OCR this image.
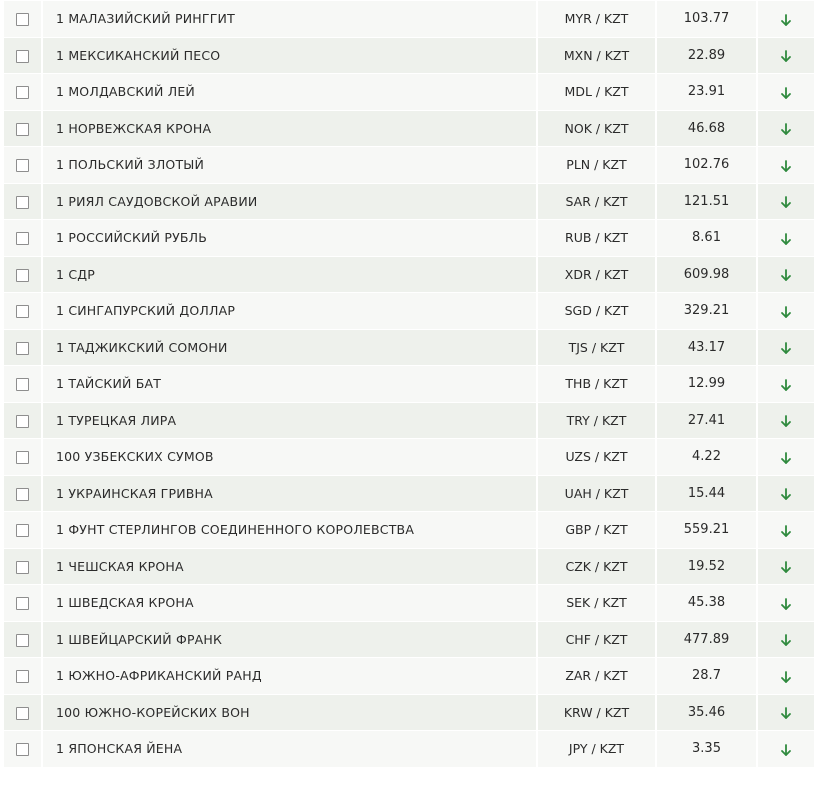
	1 МАЛАЗИЙСКИЙ РИНГГИТ	MYR / KZT	103.77	
	1 МЕКСИКАНСКИЙ ПЕСО	MXN / KZT	22.89	
	1 МОЛДАВСКИЙ ЛЕЙ	MDL / KZT	23.91	
	1 НОРВЕЖСКАЯ КРОНА	NOK / KZT	46.68	
	1 ПОЛЬСКИЙ ЗЛОТЫЙ	PLN / KZT	102.76	
	1 РИЯЛ САУДОВСКОЙ АРАВИИ	SAR / KZT	121.51	
	1 РОССИЙСКИЙ РУБЛЬ	RUB / KZT	8.61	
	1 СДР	XDR / KZT	609.98	
	1 СИНГАПУРСКИЙ ДОЛЛАР	SGD / KZT	329.21	
	1 ТАДЖИКСКИЙ СОМОНИ	TJS / KZT	43.17	
	1 ТАЙСКИЙ БАТ	THB / KZT	12.99	
	1 ТУРЕЦКАЯ ЛИРА	TRY / KZT	27.41	
	100 УЗБЕКСКИХ СУМОВ	UZS / KZT	4.22	
	1 УКРАИНСКАЯ ГРИВНА	UAH / KZT	15.44	
	1 ФУНТ СТЕРЛИНГОВ СОЕДИНЕННОГО КОРОЛЕВСТВА	GBP / KZT	559.21	
	1 ЧЕШСКАЯ КРОНА	CZK / KZT	19.52	
	1 ШВЕДСКАЯ КРОНА	SEK / KZT	45.38	
	1 ШВЕЙЦАРСКИЙ ФРАНК	CHF / KZT	477.89	
	1 ЮЖНО-АФРИКАНСКИЙ РАНД	ZAR / KZT	28.7	
	100 ЮЖНО-КОРЕЙСКИХ ВОН	KRW / KZT	35.46	
	1 ЯПОНСКАЯ ЙЕНА	JPY / KZT	3.35	
